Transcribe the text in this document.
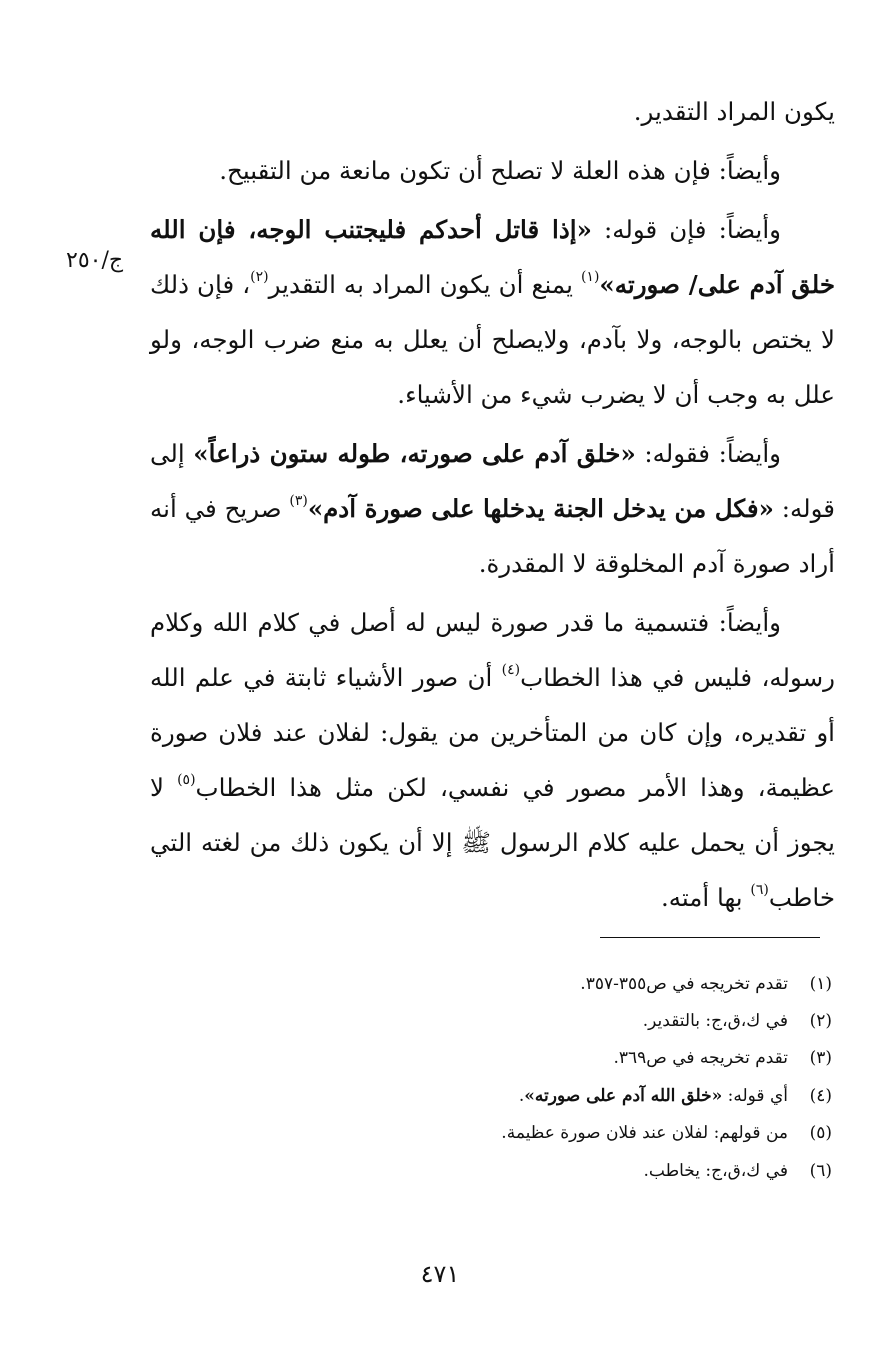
ج/٢٥٠

يكون المراد التقدير.

وأيضاً: فإن هذه العلة لا تصلح أن تكون مانعة من التقبيح.

وأيضاً: فإن قوله: «إذا قاتل أحدكم فليجتنب الوجه، فإن الله خلق آدم على/ صورته»$^{(١)}$ يمنع أن يكون المراد به التقدير$^{(٢)}$، فإن ذلك لا يختص بالوجه، ولا بآدم، ولايصلح أن يعلل به منع ضرب الوجه، ولو علل به وجب أن لا يضرب شيء من الأشياء.

وأيضاً: فقوله: «خلق آدم على صورته، طوله ستون ذراعاً» إلى قوله: «فكل من يدخل الجنة يدخلها على صورة آدم»$^{(٣)}$ صريح في أنه أراد صورة آدم المخلوقة لا المقدرة.

وأيضاً: فتسمية ما قدر صورة ليس له أصل في كلام الله وكلام رسوله، فليس في هذا الخطاب$^{(٤)}$ أن صور الأشياء ثابتة في علم الله أو تقديره، وإن كان من المتأخرين من يقول: لفلان عند فلان صورة عظيمة، وهذا الأمر مصور في نفسي، لكن مثل هذا الخطاب$^{(٥)}$ لا يجوز أن يحمل عليه كلام الرسول ﷺ إلا أن يكون ذلك من لغته التي خاطب$^{(٦)}$ بها أمته.

(١)
تقدم تخريجه في ص٣٥٥-٣٥٧.
(٢)
في ك،ق،ج: بالتقدير.
(٣)
تقدم تخريجه في ص٣٦٩.
(٤)
أي قوله: «خلق الله آدم على صورته».
(٥)
من قولهم: لفلان عند فلان صورة عظيمة.
(٦)
في ك،ق،ج: يخاطب.
٤٧١
